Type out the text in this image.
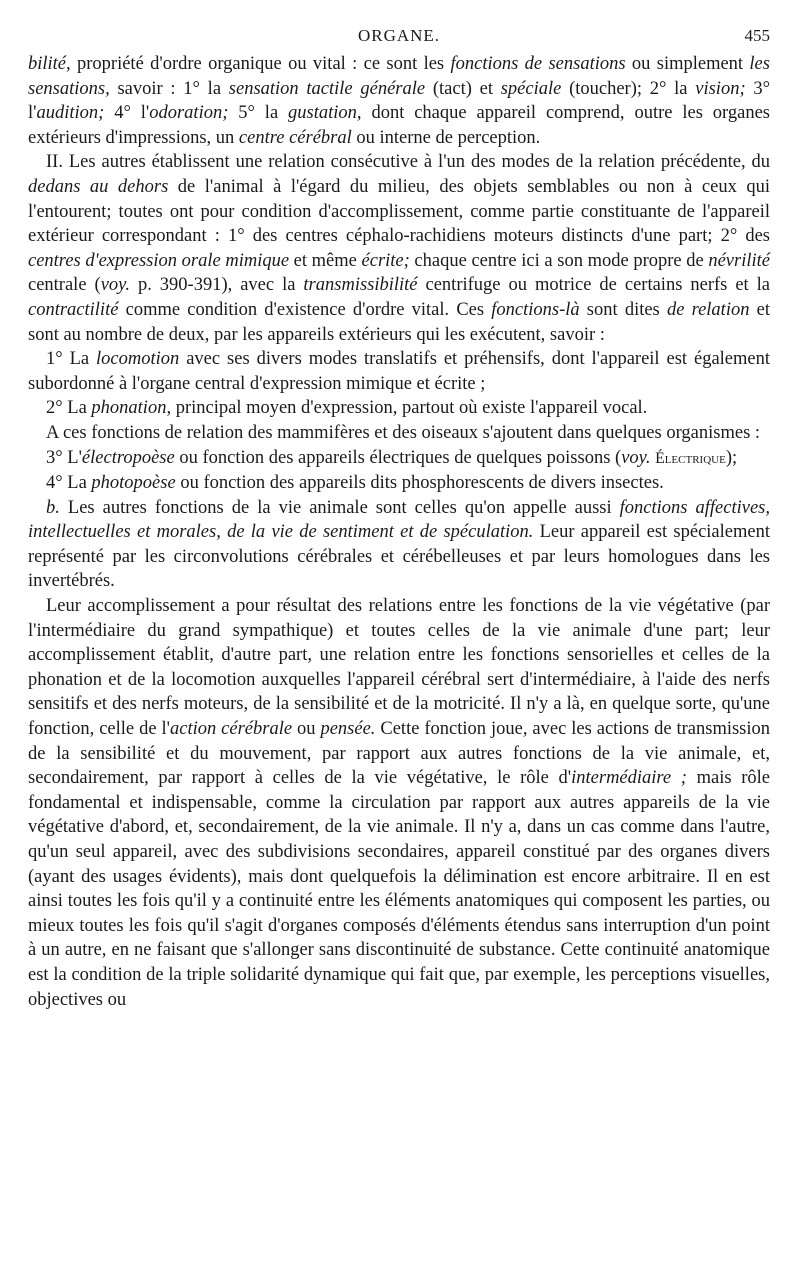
ORGANE.	455

bilité, propriété d'ordre organique ou vital : ce sont les fonctions de sensations ou simplement les sensations, savoir : 1° la sensation tactile générale (tact) et spéciale (toucher); 2° la vision; 3° l'audition; 4° l'odoration; 5° la gustation, dont chaque appareil comprend, outre les organes extérieurs d'impressions, un centre cérébral ou interne de perception.

II. Les autres établissent une relation consécutive à l'un des modes de la relation précédente, du dedans au dehors de l'animal à l'égard du milieu, des objets semblables ou non à ceux qui l'entourent; toutes ont pour condition d'accomplissement, comme partie constituante de l'appareil extérieur correspondant : 1° des centres céphalo-rachidiens moteurs distincts d'une part; 2° des centres d'expression orale mimique et même écrite; chaque centre ici a son mode propre de névrilité centrale (voy. p. 390-391), avec la transmissibilité centrifuge ou motrice de certains nerfs et la contractilité comme condition d'existence d'ordre vital. Ces fonctions-là sont dites de relation et sont au nombre de deux, par les appareils extérieurs qui les exécutent, savoir :

1° La locomotion avec ses divers modes translatifs et préhensifs, dont l'appareil est également subordonné à l'organe central d'expression mimique et écrite ;

2° La phonation, principal moyen d'expression, partout où existe l'appareil vocal.

A ces fonctions de relation des mammifères et des oiseaux s'ajoutent dans quelques organismes :

3° L'électropoèse ou fonction des appareils électriques de quelques poissons (voy. Électrique);

4° La photopoèse ou fonction des appareils dits phosphorescents de divers insectes.

b. Les autres fonctions de la vie animale sont celles qu'on appelle aussi fonctions affectives, intellectuelles et morales, de la vie de sentiment et de spéculation. Leur appareil est spécialement représenté par les circonvolutions cérébrales et cérébelleuses et par leurs homologues dans les invertébrés.

Leur accomplissement a pour résultat des relations entre les fonctions de la vie végétative (par l'intermédiaire du grand sympathique) et toutes celles de la vie animale d'une part; leur accomplissement établit, d'autre part, une relation entre les fonctions sensorielles et celles de la phonation et de la locomotion auxquelles l'appareil cérébral sert d'intermédiaire, à l'aide des nerfs sensitifs et des nerfs moteurs, de la sensibilité et de la motricité. Il n'y a là, en quelque sorte, qu'une fonction, celle de l'action cérébrale ou pensée. Cette fonction joue, avec les actions de transmission de la sensibilité et du mouvement, par rapport aux autres fonctions de la vie animale, et, secondairement, par rapport à celles de la vie végétative, le rôle d'intermédiaire ; mais rôle fondamental et indispensable, comme la circulation par rapport aux autres appareils de la vie végétative d'abord, et, secondairement, de la vie animale. Il n'y a, dans un cas comme dans l'autre, qu'un seul appareil, avec des subdivisions secondaires, appareil constitué par des organes divers (ayant des usages évidents), mais dont quelquefois la délimination est encore arbitraire. Il en est ainsi toutes les fois qu'il y a continuité entre les éléments anatomiques qui composent les parties, ou mieux toutes les fois qu'il s'agit d'organes composés d'éléments étendus sans interruption d'un point à un autre, en ne faisant que s'allonger sans discontinuité de substance. Cette continuité anatomique est la condition de la triple solidarité dynamique qui fait que, par exemple, les perceptions visuelles, objectives ou
